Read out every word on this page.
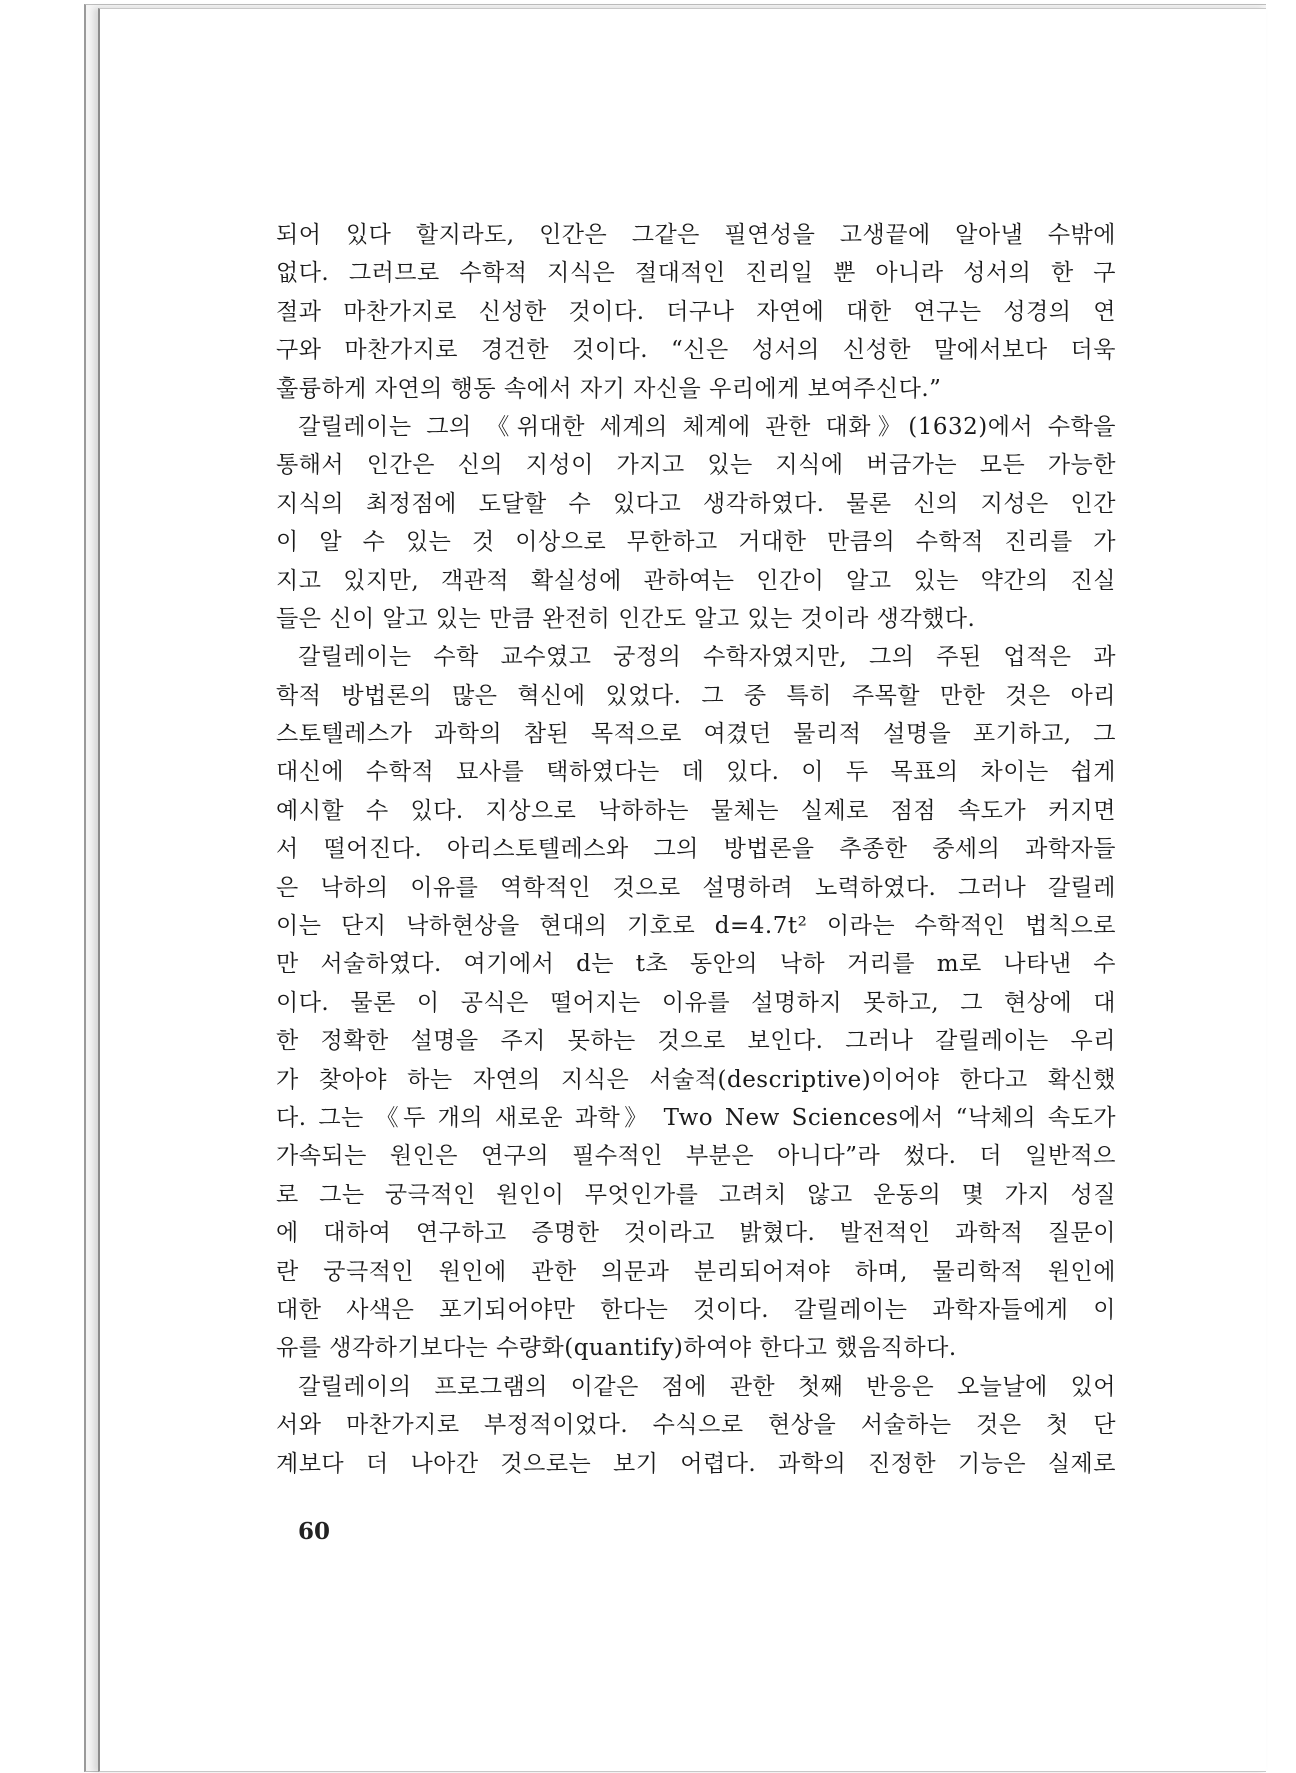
되어 있다 할지라도, 인간은 그같은 필연성을 고생끝에 알아낼 수밖에
없다. 그러므로 수학적 지식은 절대적인 진리일 뿐 아니라 성서의 한 구
절과 마찬가지로 신성한 것이다. 더구나 자연에 대한 연구는 성경의 연
구와 마찬가지로 경건한 것이다. “신은 성서의 신성한 말에서보다 더욱
훌륭하게 자연의 행동 속에서 자기 자신을 우리에게 보여주신다.”
갈릴레이는 그의 《위대한 세계의 체계에 관한 대화》(1632)에서 수학을
통해서 인간은 신의 지성이 가지고 있는 지식에 버금가는 모든 가능한
지식의 최정점에 도달할 수 있다고 생각하였다. 물론 신의 지성은 인간
이 알 수 있는 것 이상으로 무한하고 거대한 만큼의 수학적 진리를 가
지고 있지만, 객관적 확실성에 관하여는 인간이 알고 있는 약간의 진실
들은 신이 알고 있는 만큼 완전히 인간도 알고 있는 것이라 생각했다.
갈릴레이는 수학 교수였고 궁정의 수학자였지만, 그의 주된 업적은 과
학적 방법론의 많은 혁신에 있었다. 그 중 특히 주목할 만한 것은 아리
스토텔레스가 과학의 참된 목적으로 여겼던 물리적 설명을 포기하고, 그
대신에 수학적 묘사를 택하였다는 데 있다. 이 두 목표의 차이는 쉽게
예시할 수 있다. 지상으로 낙하하는 물체는 실제로 점점 속도가 커지면
서 떨어진다. 아리스토텔레스와 그의 방법론을 추종한 중세의 과학자들
은 낙하의 이유를 역학적인 것으로 설명하려 노력하였다. 그러나 갈릴레
이는 단지 낙하현상을 현대의 기호로 d=4.7t² 이라는 수학적인 법칙으로
만 서술하였다. 여기에서 d는 t초 동안의 낙하 거리를 m로 나타낸 수
이다. 물론 이 공식은 떨어지는 이유를 설명하지 못하고, 그 현상에 대
한 정확한 설명을 주지 못하는 것으로 보인다. 그러나 갈릴레이는 우리
가 찾아야 하는 자연의 지식은 서술적(descriptive)이어야 한다고 확신했
다. 그는 《두 개의 새로운 과학》 Two New Sciences에서 “낙체의 속도가
가속되는 원인은 연구의 필수적인 부분은 아니다”라 썼다. 더 일반적으
로 그는 궁극적인 원인이 무엇인가를 고려치 않고 운동의 몇 가지 성질
에 대하여 연구하고 증명한 것이라고 밝혔다. 발전적인 과학적 질문이
란 궁극적인 원인에 관한 의문과 분리되어져야 하며, 물리학적 원인에
대한 사색은 포기되어야만 한다는 것이다. 갈릴레이는 과학자들에게 이
유를 생각하기보다는 수량화(quantify)하여야 한다고 했음직하다.
갈릴레이의 프로그램의 이같은 점에 관한 첫째 반응은 오늘날에 있어
서와 마찬가지로 부정적이었다. 수식으로 현상을 서술하는 것은 첫 단
계보다 더 나아간 것으로는 보기 어렵다. 과학의 진정한 기능은 실제로
60
